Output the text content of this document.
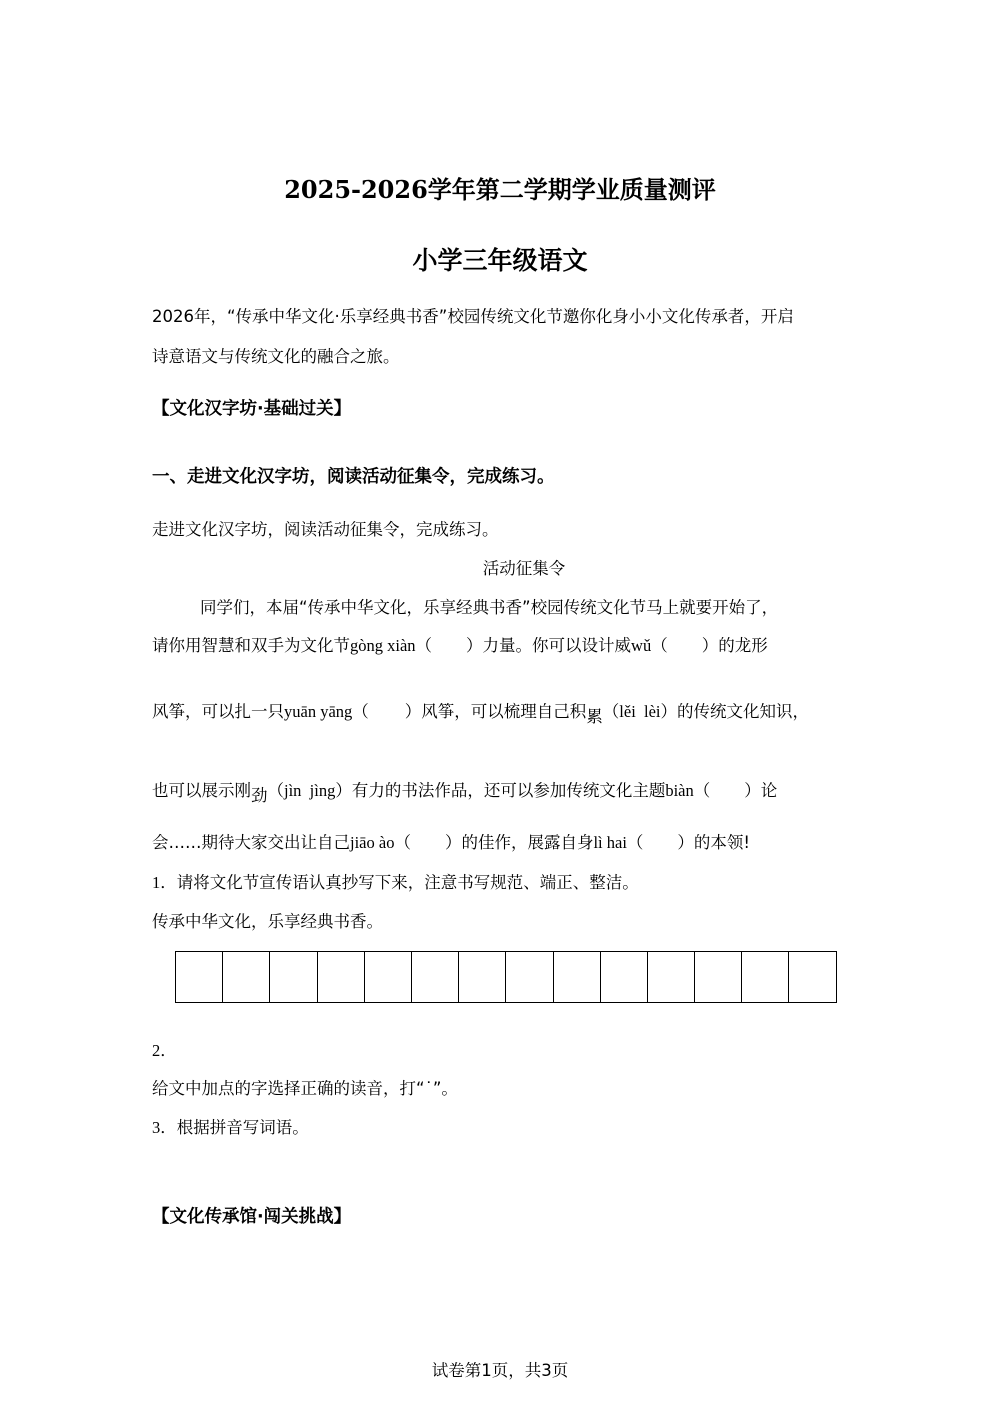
2025-2026学年第二学期学业质量测评
小学三年级语文
2026年，“传承中华文化·乐享经典书香”校园传统文化节邀你化身小小文化传承者，开启
诗意语文与传统文化的融合之旅。
【文化汉字坊·基础过关】
一、走进文化汉字坊，阅读活动征集令，完成练习。
走进文化汉字坊，阅读活动征集令，完成练习。
活动征集令
同学们，本届“传承中华文化，乐享经典书香”校园传统文化节马上就要开始了，
请你用智慧和双手为文化节gòng xiàn（ ）力量。你可以设计威wǔ（ ）的龙形
风筝，可以扎一只yuān yāng（ ）风筝，可以梳理自己积累（lěi  lèi）的传统文化知识，
也可以展示刚劲（jìn  jìng）有力的书法作品，还可以参加传统文化主题biàn（ ）论
会……期待大家交出让自己jiāo ào（ ）的佳作，展露自身lì hai（ ）的本领!
1．请将文化节宣传语认真抄写下来，注意书写规范、端正、整洁。
传承中华文化，乐享经典书香。
2．
给文中加点的字选择正确的读音，打“˙”。
3．根据拼音写词语。
【文化传承馆·闯关挑战】
试卷第1页，共3页
